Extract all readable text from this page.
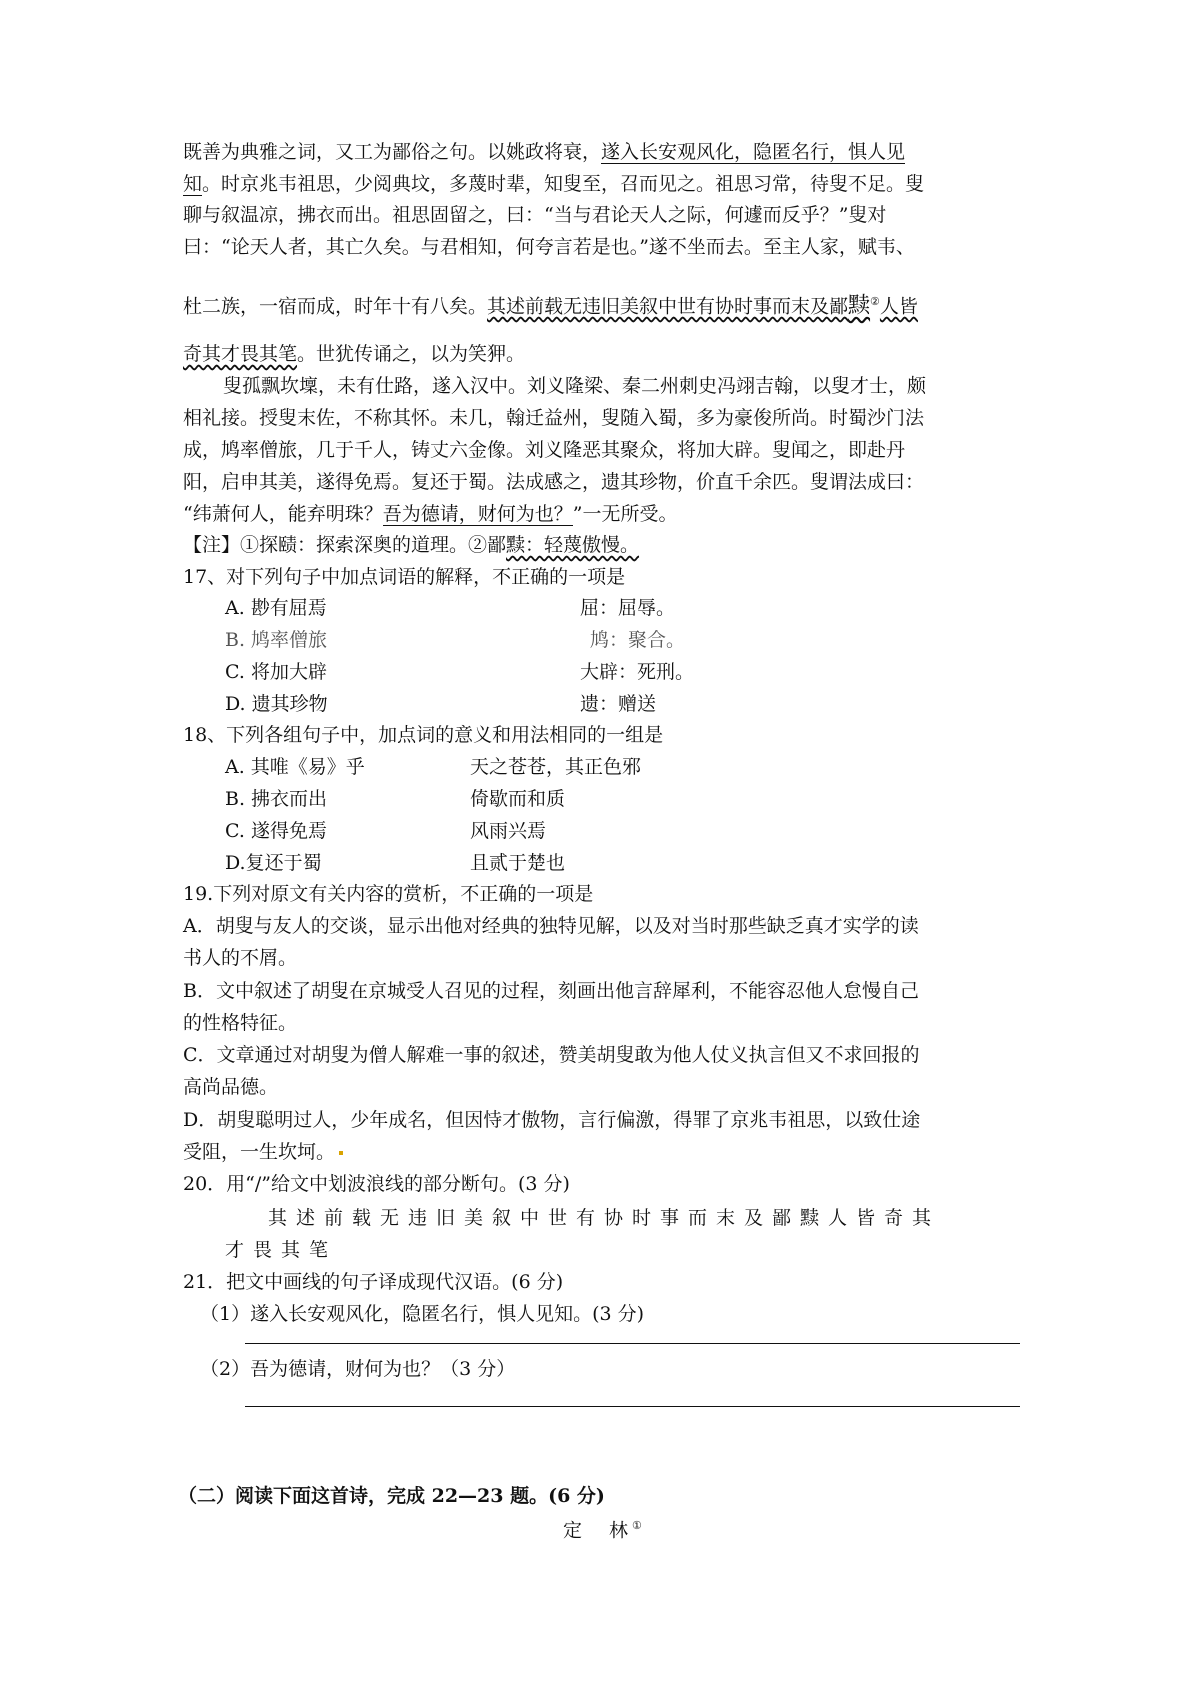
既善为典雅之词，又工为鄙俗之句。以姚政将衰，遂入长安观风化，隐匿名行，惧人见
知。时京兆韦祖思，少阅典坟，多蔑时辈，知叟至，召而见之。祖思习常，待叟不足。叟
聊与叙温凉，拂衣而出。祖思固留之，曰：“当与君论天人之际，何遽而反乎？”叟对
曰：“论天人者，其亡久矣。与君相知，何夸言若是也。”遂不坐而去。至主人家，赋韦、
杜二族，一宿而成，时年十有八矣。其述前载无违旧美叙中世有协时事而末及鄙黩②人皆
奇其才畏其笔。世犹传诵之，以为笑狎。
叟孤飘坎壈，未有仕路，遂入汉中。刘义隆梁、秦二州刺史冯翊吉翰，以叟才士，颇
相礼接。授叟末佐，不称其怀。未几，翰迁益州，叟随入蜀，多为豪俊所尚。时蜀沙门法
成，鸠率僧旅，几于千人，铸丈六金像。刘义隆恶其聚众，将加大辟。叟闻之，即赴丹
阳，启申其美，遂得免焉。复还于蜀。法成感之，遗其珍物，价直千余匹。叟谓法成曰：
“纬萧何人，能弃明珠？吾为德请，财何为也？”一无所受。
【注】①探赜：探索深奥的道理。②鄙黩：轻蔑傲慢。
17、对下列句子中加点词语的解释，不正确的一项是
A. 尠有屈焉	屈：屈辱。
B. 鸠率僧旅	鸠：聚合。
C. 将加大辟	大辟：死刑。
D. 遗其珍物	遗：赠送
18、下列各组句子中，加点词的意义和用法相同的一组是
A. 其唯《易》乎	天之苍苍，其正色邪
B. 拂衣而出	倚歇而和质
C. 遂得免焉	风雨兴焉
D.复还于蜀	且贰于楚也
19.下列对原文有关内容的赏析，不正确的一项是
A．胡叟与友人的交谈，显示出他对经典的独特见解，以及对当时那些缺乏真才实学的读
书人的不屑。
B．文中叙述了胡叟在京城受人召见的过程，刻画出他言辞犀利，不能容忍他人怠慢自己
的性格特征。
C．文章通过对胡叟为僧人解难一事的叙述，赞美胡叟敢为他人仗义执言但又不求回报的
高尚品德。
D．胡叟聪明过人，少年成名，但因恃才傲物，言行偏激，得罪了京兆韦祖思，以致仕途
受阻，一生坎坷。
20．用“/”给文中划波浪线的部分断句。(3 分)
其述前载无违旧美叙中世有协时事而末及鄙黩人皆奇其
才畏其笔
21．把文中画线的句子译成现代汉语。(6 分)
（1）遂入长安观风化，隐匿名行，惧人见知。(3 分)
（2）吾为德请，财何为也？（3 分）
（二）阅读下面这首诗，完成 22—23 题。(6 分)
定　林①
